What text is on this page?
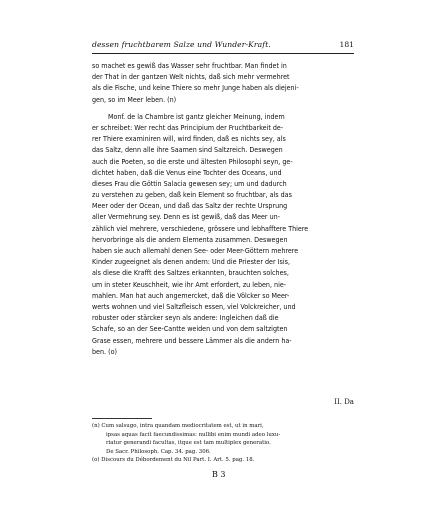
dessen fruchtbarem Salze und Wunder-Kraft.	181
so machet es gewiß das Wasser sehr fruchtbar. Man findet in
der That in der gantzen Welt nichts, daß sich mehr vermehret
als die Fische, und keine Thiere so mehr Junge haben als diejeni-
gen, so im Meer leben. (n)
Monf. de la Chambre ist gantz gleicher Meinung, indem
er schreibet: Wer recht das Principium der Fruchtbarkeit de-
rer Thiere examiniren will, wird finden, daß es nichts sey, als
das Saltz, denn alle ihre Saamen sind Saltzreich. Deswegen
auch die Poeten, so die erste und ältesten Philosophi seyn, ge-
dichtet haben, daß die Venus eine Tochter des Oceans, und
dieses Frau die Göttin Salacia gewesen sey; um und dadurch
zu verstehen zu geben, daß kein Element so fruchtbar, als das
Meer oder der Ocean, und daß das Saltz der rechte Ursprung
aller Vermehrung sey. Denn es ist gewiß, daß das Meer un-
zählich viel mehrere, verschiedene, grössere und lebhafftere Thiere
hervorbringe als die andern Elementa zusammen. Deswegen
haben sie auch allemahl denen See- oder Meer-Göttern mehrere
Kinder zugeeignet als denen andern: Und die Priester der Isis,
als diese die Krafft des Saltzes erkannten, brauchten solches,
um in steter Keuschheit, wie ihr Amt erfordert, zu leben, nie-
mahlen. Man hat auch angemercket, daß die Völcker so Meer-
werts wohnen und viel Saltzfleisch essen, viel Volckreicher, und
robuster oder stärcker seyn als andere: Ingleichen daß die
Schafe, so an der See-Cantte weiden und von dem saltzigten
Grase essen, mehrere und bessere Lämmer als die andern ha-
ben. (o)
II. Da
(n) Cum salsugo, intra quandam mediocritatem est, ut in mari,
ipsas aquas facit faecundissimas: nullibi enim mundi adeo luxu-
riatur generandi facultas, itque est tam multiplex generatio.
De Sacr. Philosoph. Cap. 34. pag. 306.
(o) Discours du Débordement du Nil Part. I. Art. 5. pag. 18.
B 3
